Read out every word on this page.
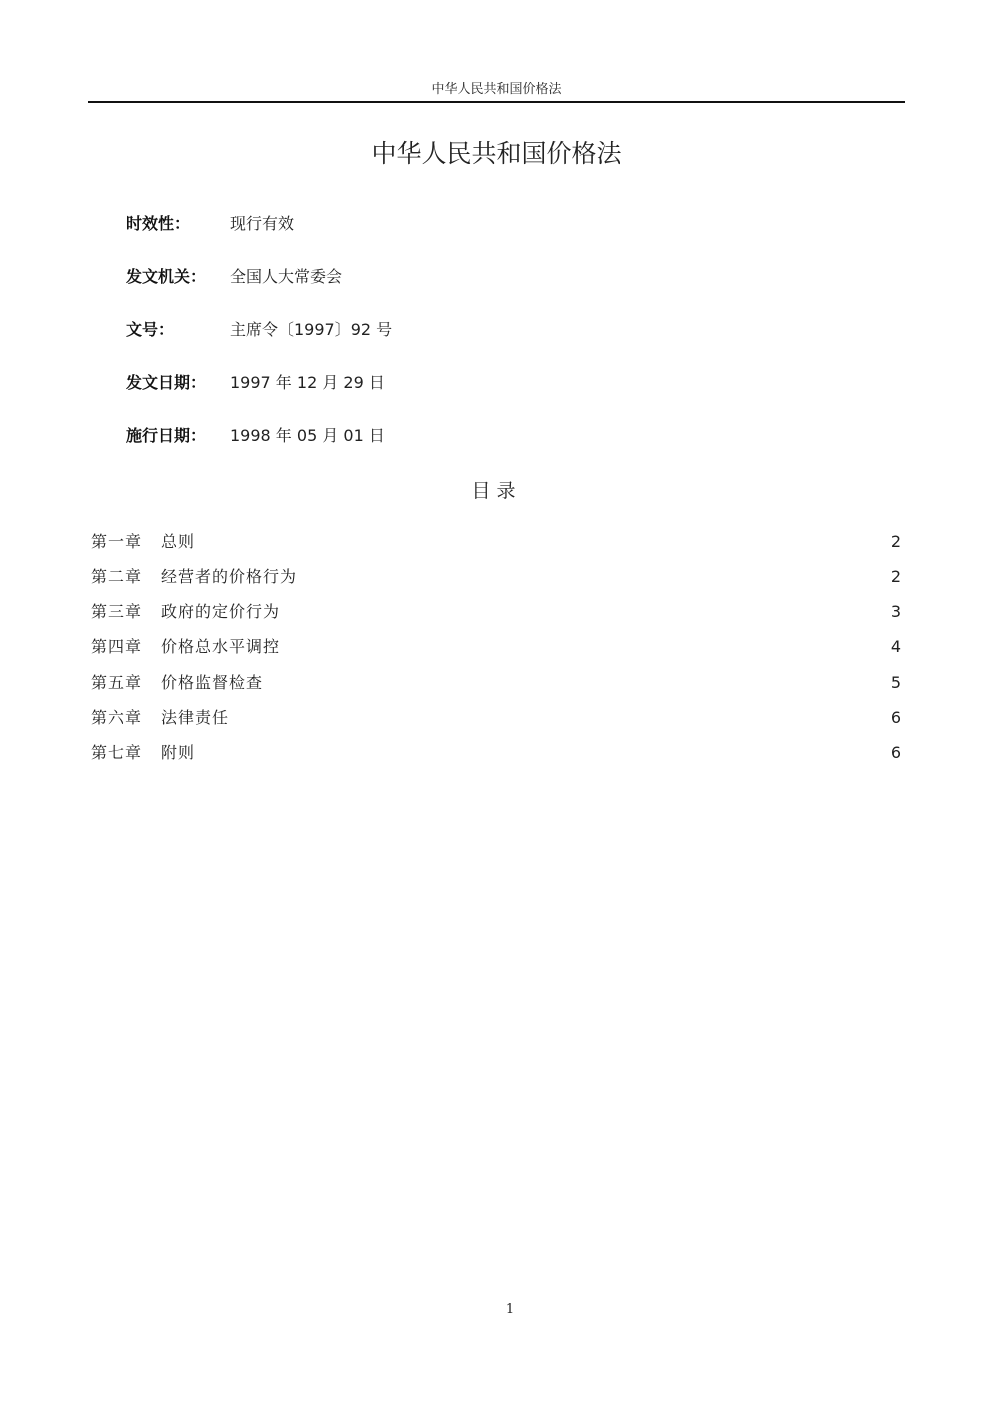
中华人民共和国价格法
中华人民共和国价格法
时效性：	现行有效
发文机关：	全国人大常委会
文号：	主席令〔1997〕92 号
发文日期：	1997 年 12 月 29 日
施行日期：	1998 年 05 月 01 日
目录
第一章 总则	2
第二章 经营者的价格行为	2
第三章 政府的定价行为	3
第四章 价格总水平调控	4
第五章 价格监督检查	5
第六章 法律责任	6
第七章 附则	6
1
